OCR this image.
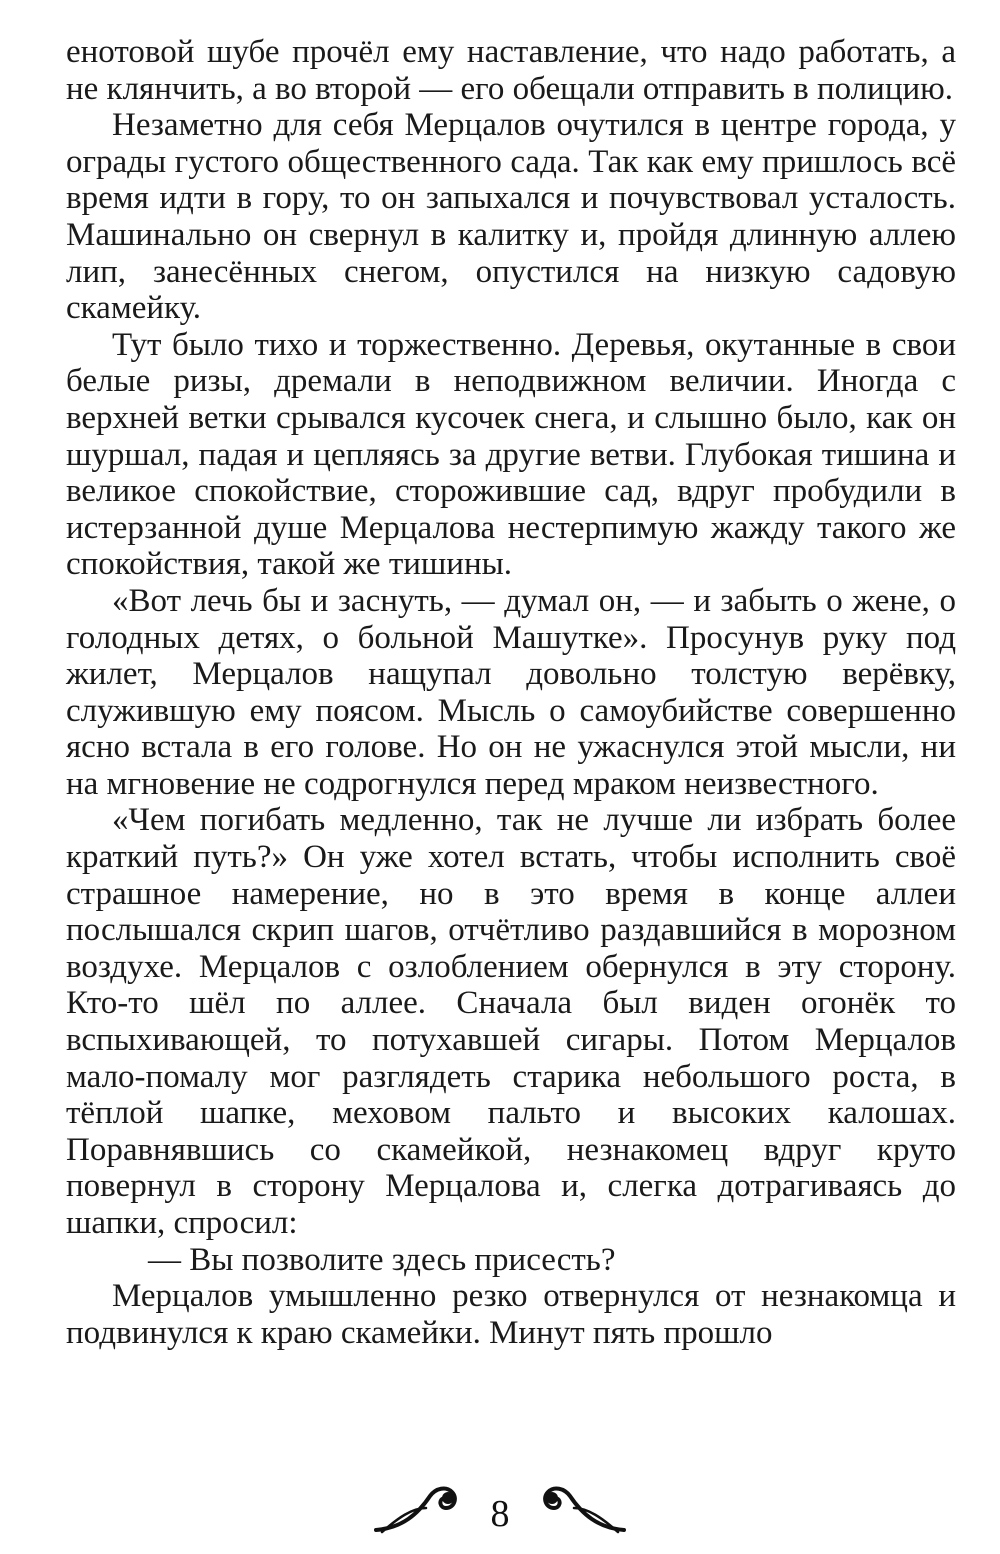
енотовой шубе прочёл ему наставление, что надо работать, а не клянчить, а во второй — его обещали отправить в полицию.

Незаметно для себя Мерцалов очутился в центре города, у ограды густого общественного сада. Так как ему пришлось всё время идти в гору, то он запыхался и почувствовал усталость. Машинально он свернул в калитку и, пройдя длинную аллею лип, занесённых снегом, опустился на низкую садовую скамейку.

Тут было тихо и торжественно. Деревья, окутанные в свои белые ризы, дремали в неподвижном величии. Иногда с верхней ветки срывался кусочек снега, и слышно было, как он шуршал, падая и цепляясь за другие ветви. Глубокая тишина и великое спокойствие, сторожившие сад, вдруг пробудили в истерзанной душе Мерцалова нестерпимую жажду такого же спокойствия, такой же тишины.

«Вот лечь бы и заснуть, — думал он, — и забыть о жене, о голодных детях, о больной Машутке». Просунув руку под жилет, Мерцалов нащупал довольно толстую верёвку, служившую ему поясом. Мысль о самоубийстве совершенно ясно встала в его голове. Но он не ужаснулся этой мысли, ни на мгновение не содрогнулся перед мраком неизвестного.

«Чем погибать медленно, так не лучше ли избрать более краткий путь?» Он уже хотел встать, чтобы исполнить своё страшное намерение, но в это время в конце аллеи послышался скрип шагов, отчётливо раздавшийся в морозном воздухе. Мерцалов с озлоблением обернулся в эту сторону. Кто-то шёл по аллее. Сначала был виден огонёк то вспыхивающей, то потухавшей сигары. Потом Мерцалов мало-помалу мог разглядеть старика небольшого роста, в тёплой шапке, меховом пальто и высоких калошах. Поравнявшись со скамейкой, незнакомец вдруг круто повернул в сторону Мерцалова и, слегка дотрагиваясь до шапки, спросил:

— Вы позволите здесь присесть?

Мерцалов умышленно резко отвернулся от незнакомца и подвинулся к краю скамейки. Минут пять прошло

8
